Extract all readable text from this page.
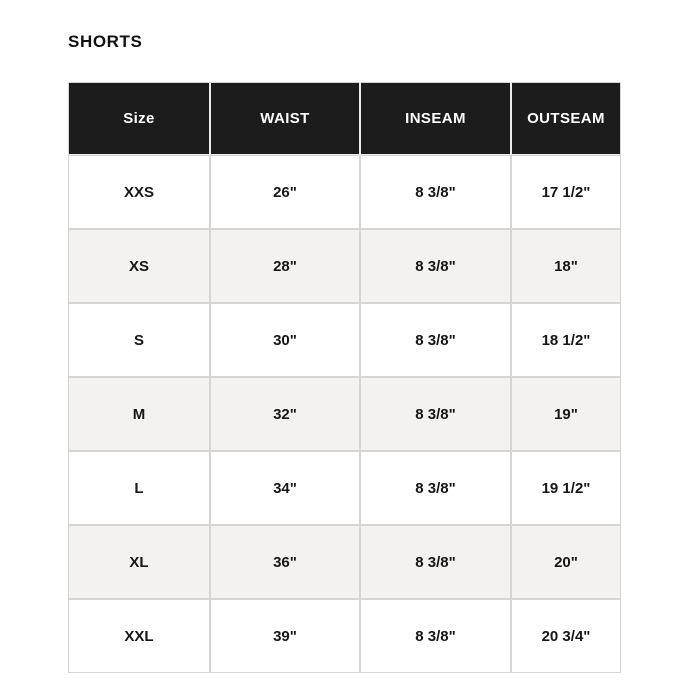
SHORTS
Size	WAIST	INSEAM	OUTSEAM
XXS	26"	8 3/8"	17 1/2"
XS	28"	8 3/8"	18"
S	30"	8 3/8"	18 1/2"
M	32"	8 3/8"	19"
L	34"	8 3/8"	19 1/2"
XL	36"	8 3/8"	20"
XXL	39"	8 3/8"	20 3/4"
